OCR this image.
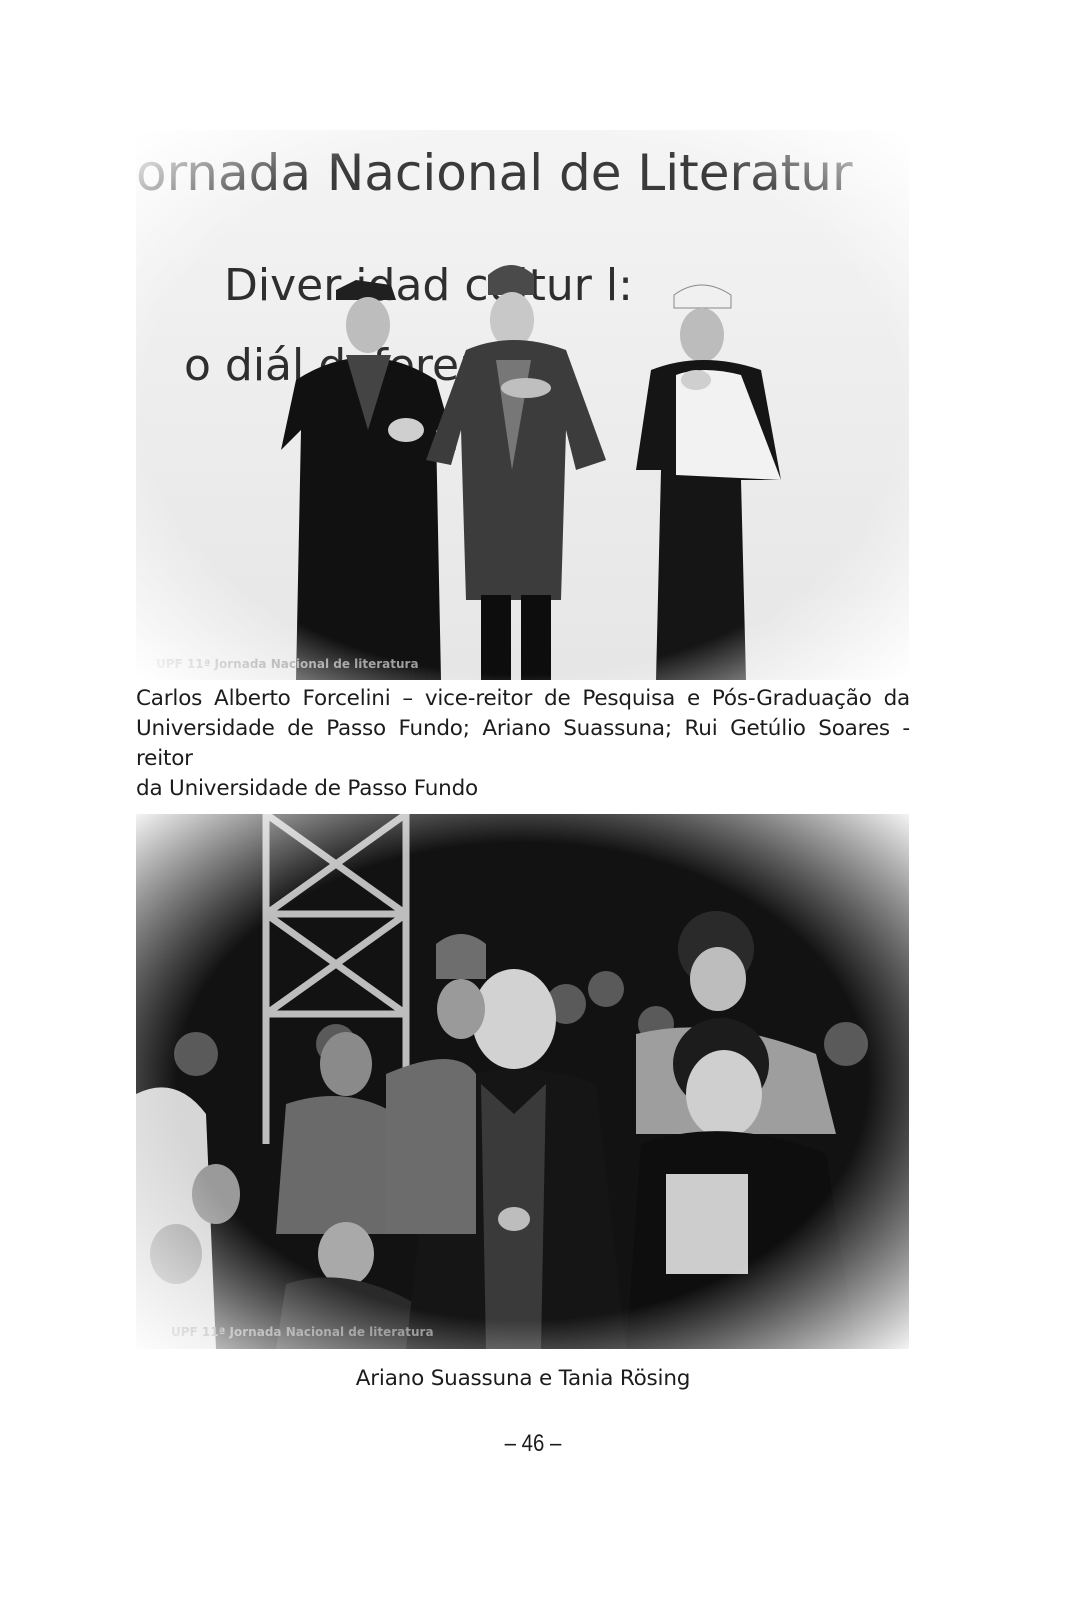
Carlos Alberto Forcelini – vice-reitor de Pesquisa e Pós-Graduação da
Universidade de Passo Fundo; Ariano Suassuna; Rui Getúlio Soares - reitor
da Universidade de Passo Fundo
Ariano Suassuna e Tania Rösing
– 46 –
